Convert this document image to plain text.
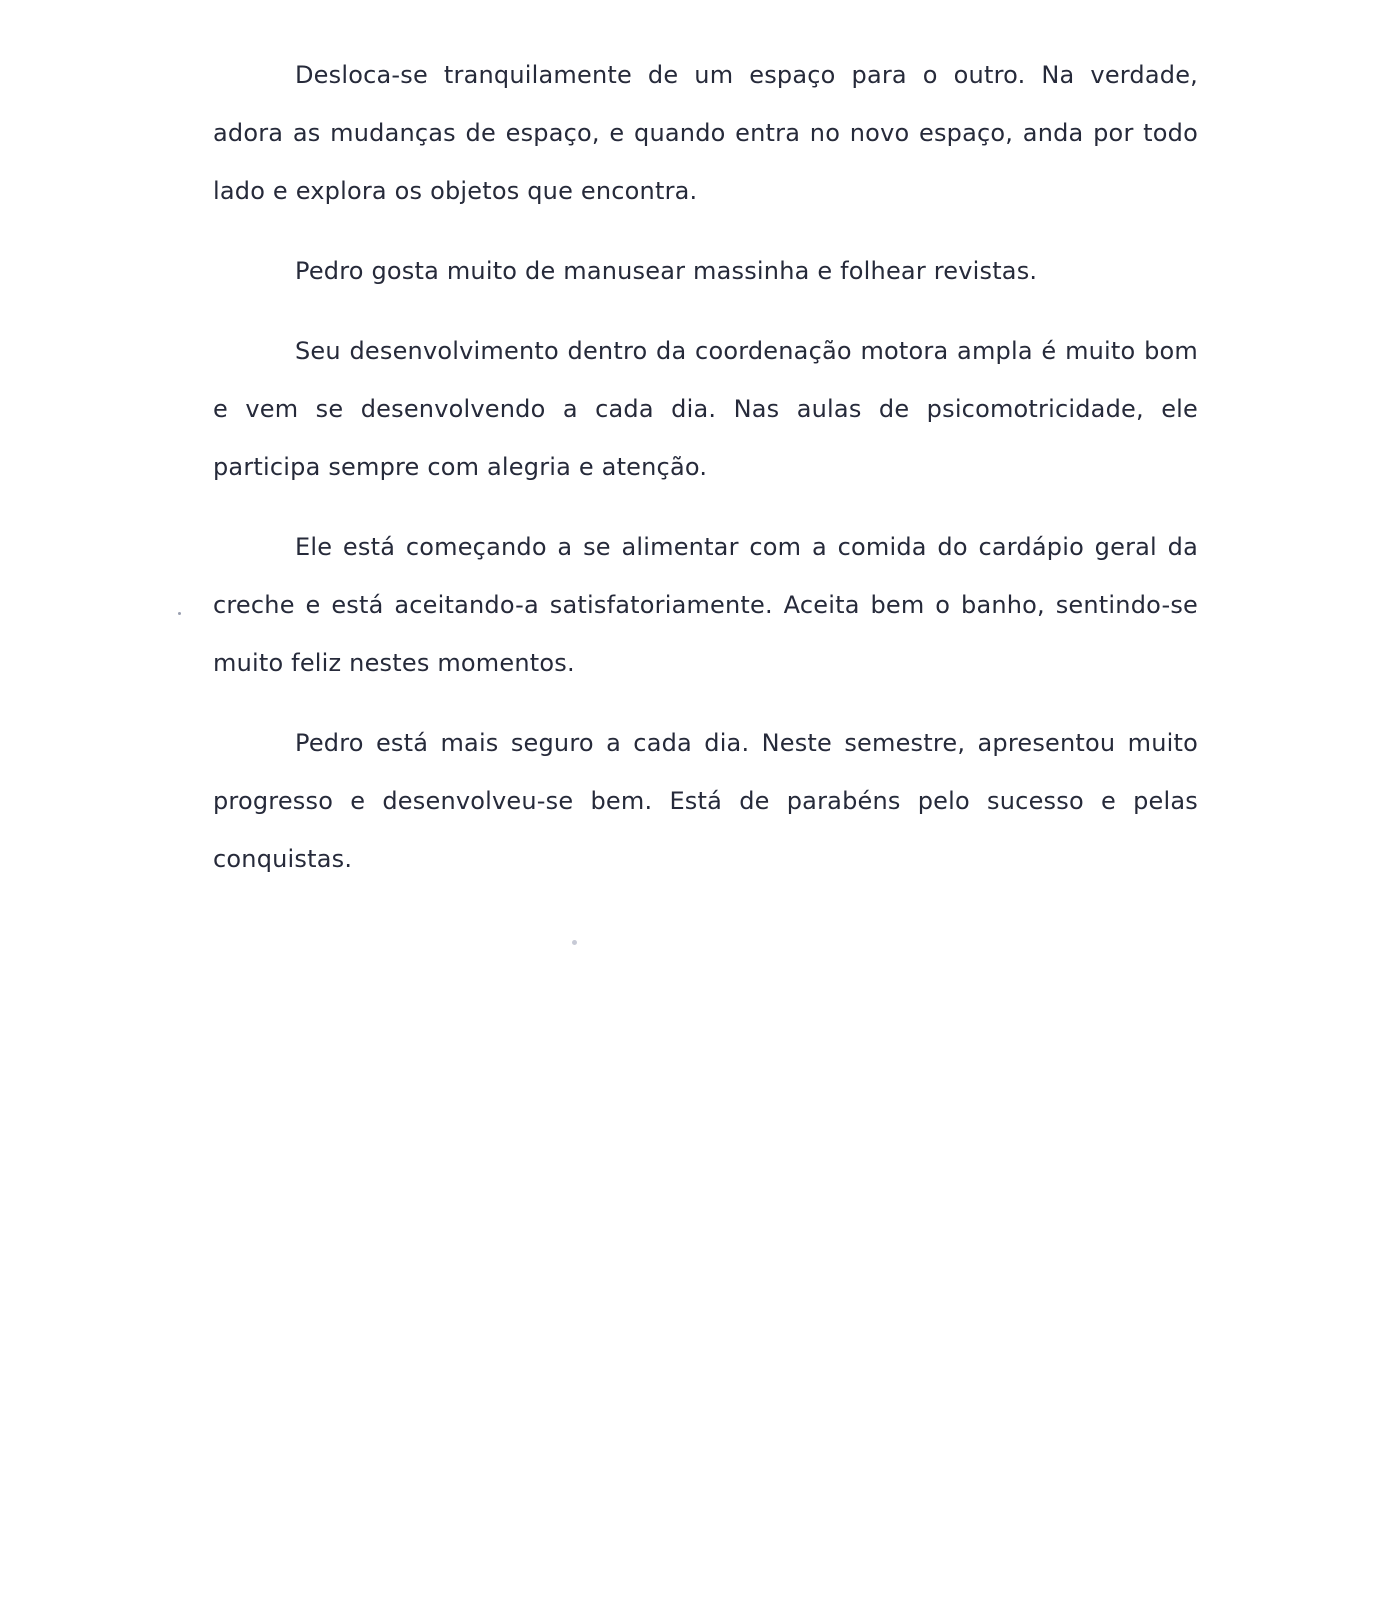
Desloca-se tranquilamente de um espaço para o outro. Na verdade, adora as mudanças de espaço, e quando entra no novo espaço, anda por todo lado e explora os objetos que encontra.

Pedro gosta muito de manusear massinha e folhear revistas.

Seu desenvolvimento dentro da coordenação motora ampla é muito bom e vem se desenvolvendo a cada dia. Nas aulas de psicomotricidade, ele participa sempre com alegria e atenção.

Ele está começando a se alimentar com a comida do cardápio geral da creche e está aceitando-a satisfatoriamente. Aceita bem o banho, sentindo-se muito feliz nestes momentos.

Pedro está mais seguro a cada dia. Neste semestre, apresentou muito progresso e desenvolveu-se bem. Está de parabéns pelo sucesso e pelas conquistas.
